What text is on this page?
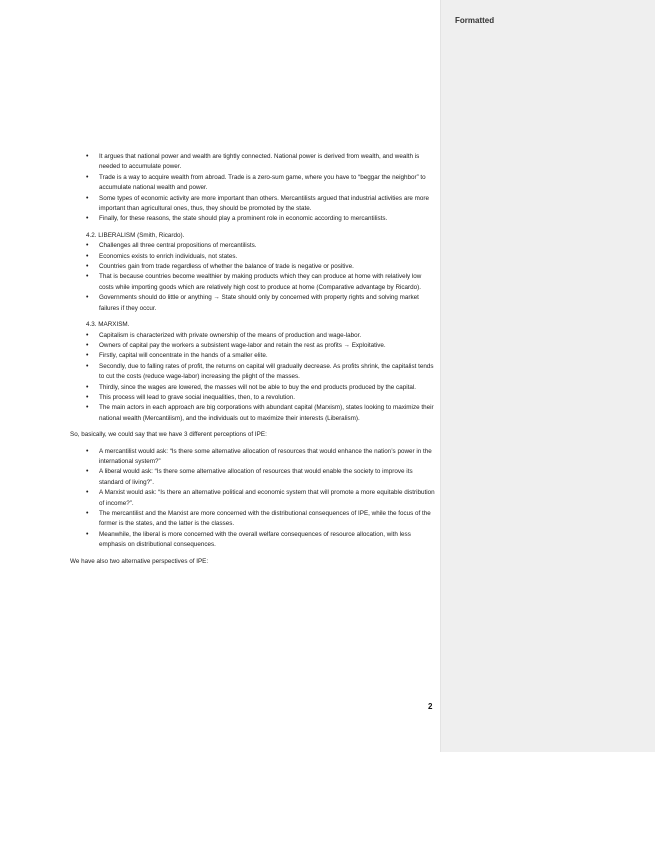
Formatted
• It argues that national power and wealth are tightly connected. National power is derived from wealth, and wealth is needed to accumulate power.
• Trade is a way to acquire wealth from abroad. Trade is a zero-sum game, where you have to “beggar the neighbor” to accumulate national wealth and power.
• Some types of economic activity are more important than others. Mercantilists argued that industrial activities are more important than agricultural ones, thus, they should be promoted by the state.
• Finally, for these reasons, the state should play a prominent role in economic according to mercantilists.

4.2. LIBERALISM (Smith, Ricardo).

• Challenges all three central propositions of mercantilists.
• Economics exists to enrich individuals, not states.
• Countries gain from trade regardless of whether the balance of trade is negative or positive.
• That is because countries become wealthier by making products which they can produce at home with relatively low costs while importing goods which are relatively high cost to produce at home (Comparative advantage by Ricardo).
• Governments should do little or anything → State should only by concerned with property rights and solving market failures if they occur.

4.3. MARXISM.

• Capitalism is characterized with private ownership of the means of production and wage-labor.
• Owners of capital pay the workers a subsistent wage-labor and retain the rest as profits → Exploitative.
• Firstly, capital will concentrate in the hands of a smaller elite.
• Secondly, due to falling rates of profit, the returns on capital will gradually decrease. As profits shrink, the capitalist tends to cut the costs (reduce wage-labor) increasing the plight of the masses.
• Thirdly, since the wages are lowered, the masses will not be able to buy the end products produced by the capital.
• This process will lead to grave social inequalities, then, to a revolution.
• The main actors in each approach are big corporations with abundant capital (Marxism), states looking to maximize their national wealth (Mercantilism), and the individuals out to maximize their interests (Liberalism).

So, basically, we could say that we have 3 different perceptions of IPE:

• A mercantilist would ask: “Is there some alternative allocation of resources that would enhance the nation’s power in the international system?”
• A liberal would ask: “Is there some alternative allocation of resources that would enable the society to improve its standard of living?”.
• A Marxist would ask: “Is there an alternative political and economic system that will promote a more equitable distribution of income?”.
• The mercantilist and the Marxist are more concerned with the distributional consequences of IPE, while the focus of the former is the states, and the latter is the classes.
• Meanwhile, the liberal is more concerned with the overall welfare consequences of resource allocation, with less emphasis on distributional consequences.

We have also two alternative perspectives of IPE:

2
